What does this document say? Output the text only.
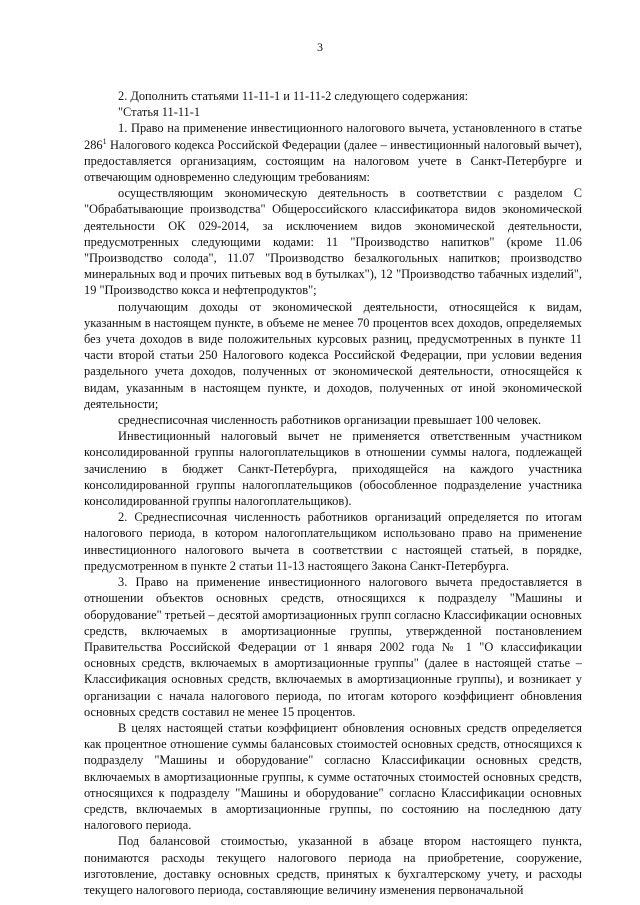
3

2. Дополнить статьями 11-11-1 и 11-11-2 следующего содержания:

"Статья 11-11-1

1. Право на применение инвестиционного налогового вычета, установленного в статье $286^1$ Налогового кодекса Российской Федерации (далее – инвестиционный налоговый вычет), предоставляется организациям, состоящим на налоговом учете в Санкт-Петербурге и отвечающим одновременно следующим требованиям:

осуществляющим экономическую деятельность в соответствии с разделом С "Обрабатывающие производства" Общероссийского классификатора видов экономической деятельности ОК 029-2014, за исключением видов экономической деятельности, предусмотренных следующими кодами: 11 "Производство напитков" (кроме 11.06 "Производство солода", 11.07 "Производство безалкогольных напитков; производство минеральных вод и прочих питьевых вод в бутылках"), 12 "Производство табачных изделий", 19 "Производство кокса и нефтепродуктов";

получающим доходы от экономической деятельности, относящейся к видам, указанным в настоящем пункте, в объеме не менее 70 процентов всех доходов, определяемых без учета доходов в виде положительных курсовых разниц, предусмотренных в пункте 11 части второй статьи 250 Налогового кодекса Российской Федерации, при условии ведения раздельного учета доходов, полученных от экономической деятельности, относящейся к видам, указанным в настоящем пункте, и доходов, полученных от иной экономической деятельности;

среднесписочная численность работников организации превышает 100 человек.

Инвестиционный налоговый вычет не применяется ответственным участником консолидированной группы налогоплательщиков в отношении суммы налога, подлежащей зачислению в бюджет Санкт-Петербурга, приходящейся на каждого участника консолидированной группы налогоплательщиков (обособленное подразделение участника консолидированной группы налогоплательщиков).

2. Среднесписочная численность работников организаций определяется по итогам налогового периода, в котором налогоплательщиком использовано право на применение инвестиционного налогового вычета в соответствии с настоящей статьей, в порядке, предусмотренном в пункте 2 статьи 11-13 настоящего Закона Санкт-Петербурга.

3. Право на применение инвестиционного налогового вычета предоставляется в отношении объектов основных средств, относящихся к подразделу "Машины и оборудование" третьей – десятой амортизационных групп согласно Классификации основных средств, включаемых в амортизационные группы, утвержденной постановлением Правительства Российской Федерации от 1 января 2002 года № 1 "О классификации основных средств, включаемых в амортизационные группы" (далее в настоящей статье – Классификация основных средств, включаемых в амортизационные группы), и возникает у организации с начала налогового периода, по итогам которого коэффициент обновления основных средств составил не менее 15 процентов.

В целях настоящей статьи коэффициент обновления основных средств определяется как процентное отношение суммы балансовых стоимостей основных средств, относящихся к подразделу "Машины и оборудование" согласно Классификации основных средств, включаемых в амортизационные группы, к сумме остаточных стоимостей основных средств, относящихся к подразделу "Машины и оборудование" согласно Классификации основных средств, включаемых в амортизационные группы, по состоянию на последнюю дату налогового периода.

Под балансовой стоимостью, указанной в абзаце втором настоящего пункта, понимаются расходы текущего налогового периода на приобретение, сооружение, изготовление, доставку основных средств, принятых к бухгалтерскому учету, и расходы текущего налогового периода, составляющие величину изменения первоначальной
